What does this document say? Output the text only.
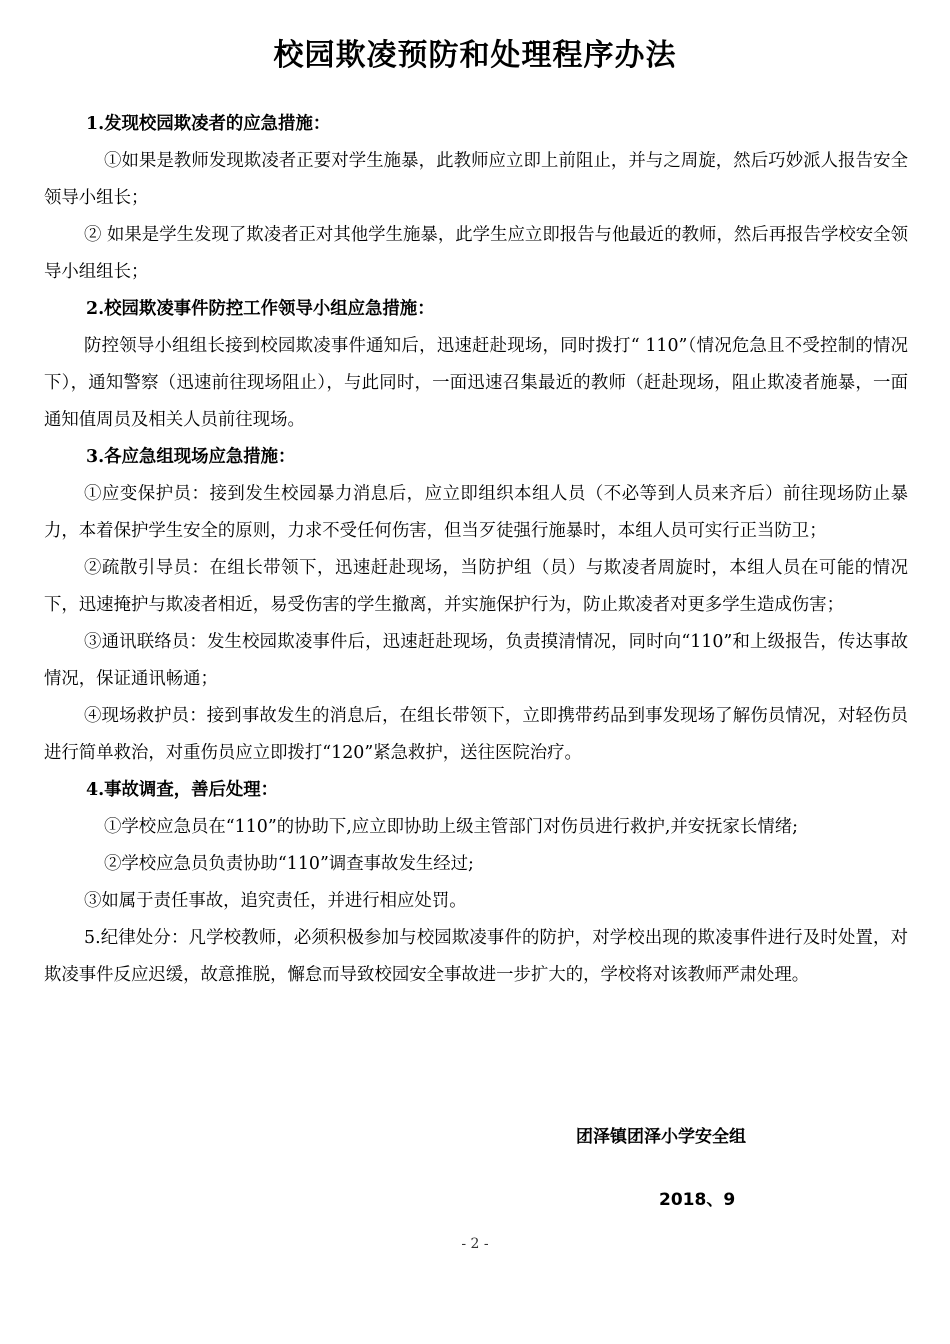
校园欺凌预防和处理程序办法

1.发现校园欺凌者的应急措施：

①如果是教师发现欺凌者正要对学生施暴，此教师应立即上前阻止，并与之周旋，然后巧妙派人报告安全领导小组长；

② 如果是学生发现了欺凌者正对其他学生施暴，此学生应立即报告与他最近的教师，然后再报告学校安全领导小组组长；

2.校园欺凌事件防控工作领导小组应急措施：

防控领导小组组长接到校园欺凌事件通知后，迅速赶赴现场，同时拨打“ 110”（情况危急且不受控制的情况下），通知警察（迅速前往现场阻止），与此同时，一面迅速召集最近的教师（赶赴现场，阻止欺凌者施暴，一面通知值周员及相关人员前往现场。

3.各应急组现场应急措施：

①应变保护员：接到发生校园暴力消息后，应立即组织本组人员（不必等到人员来齐后）前往现场防止暴力，本着保护学生安全的原则，力求不受任何伤害，但当歹徒强行施暴时，本组人员可实行正当防卫；

②疏散引导员：在组长带领下，迅速赶赴现场，当防护组（员）与欺凌者周旋时，本组人员在可能的情况下，迅速掩护与欺凌者相近，易受伤害的学生撤离，并实施保护行为，防止欺凌者对更多学生造成伤害；

③通讯联络员：发生校园欺凌事件后，迅速赶赴现场，负责摸清情况，同时向“110”和上级报告，传达事故情况，保证通讯畅通；

④现场救护员：接到事故发生的消息后，在组长带领下，立即携带药品到事发现场了解伤员情况，对轻伤员进行简单救治，对重伤员应立即拨打“120”紧急救护，送往医院治疗。

4.事故调查，善后处理：

①学校应急员在“110”的协助下,应立即协助上级主管部门对伤员进行救护,并安抚家长情绪;

②学校应急员负责协助“110”调查事故发生经过;

③如属于责任事故，追究责任，并进行相应处罚。

5.纪律处分：凡学校教师，必须积极参加与校园欺凌事件的防护，对学校出现的欺凌事件进行及时处置，对欺凌事件反应迟缓，故意推脱，懈怠而导致校园安全事故进一步扩大的，学校将对该教师严肃处理。

团泽镇团泽小学安全组
2018、9
- 2 -
